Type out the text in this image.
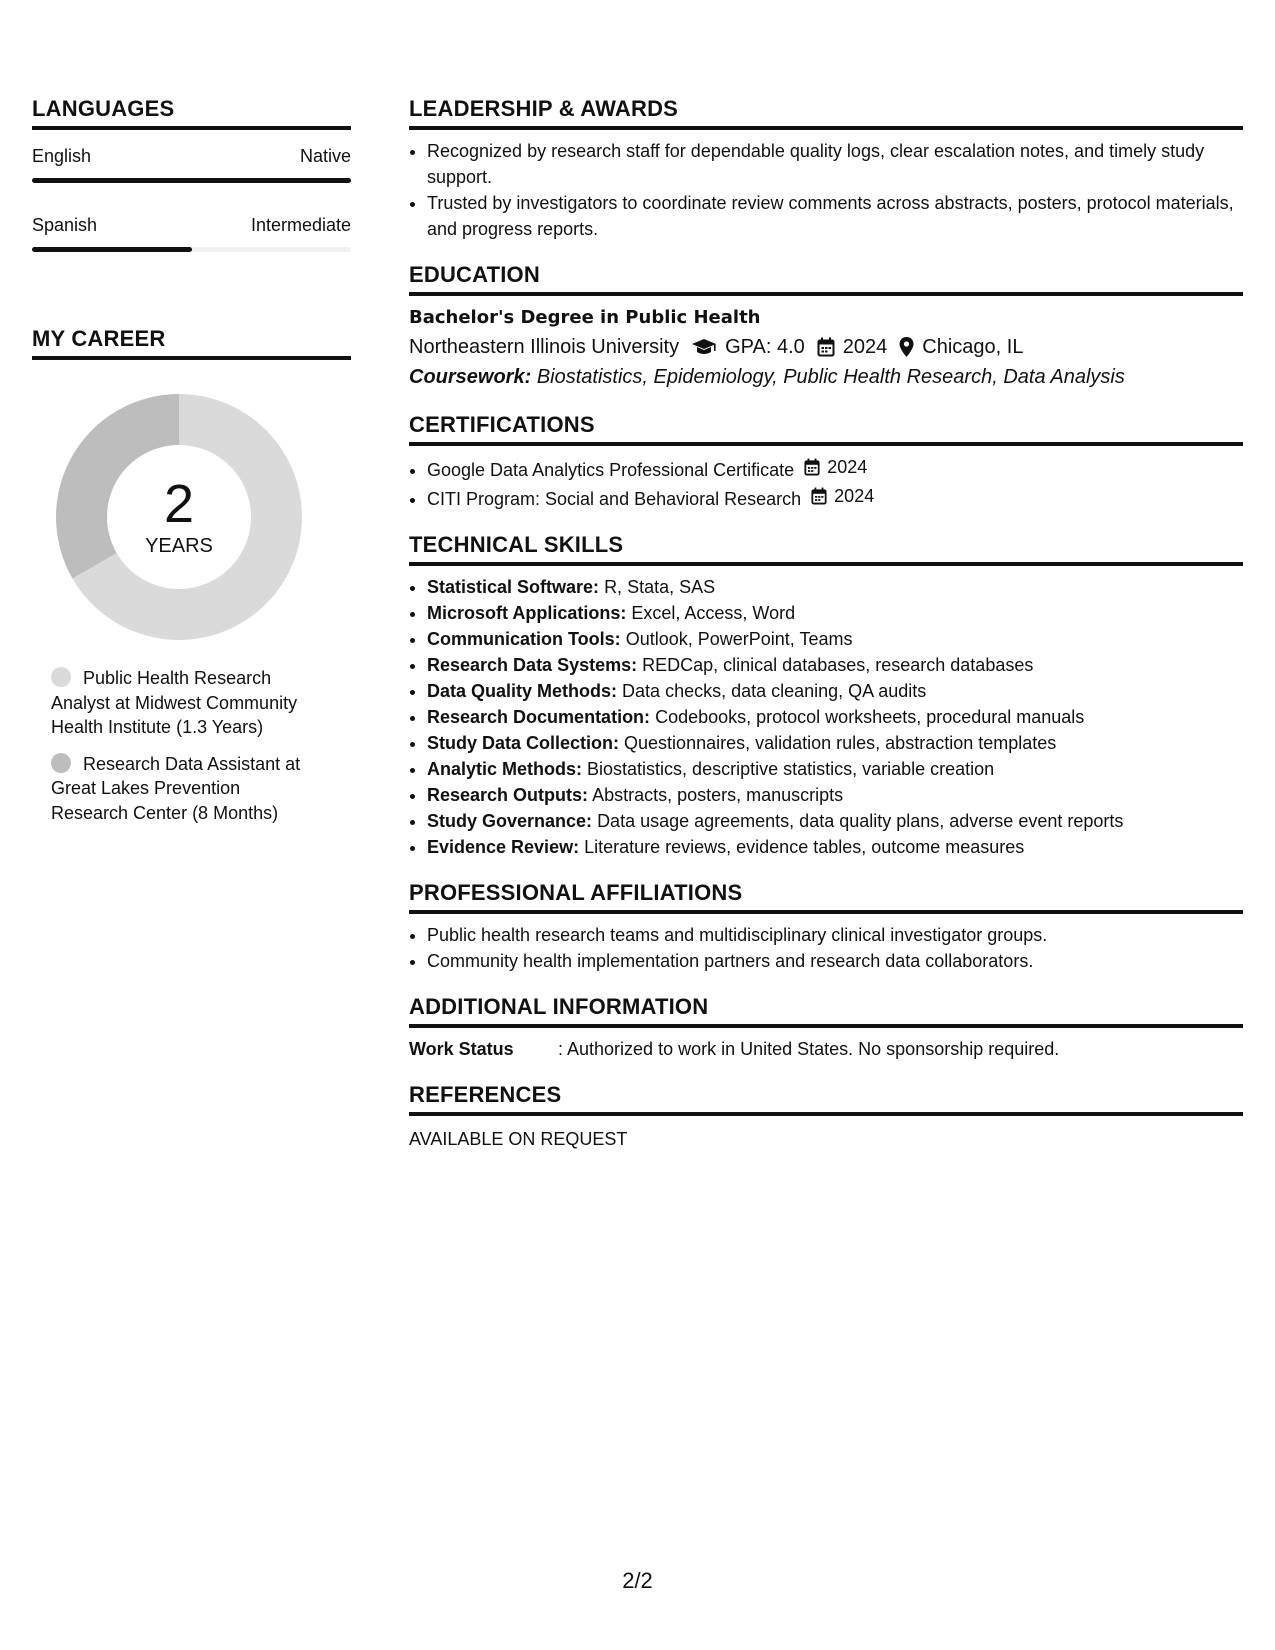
LANGUAGES
English	Native
Spanish	Intermediate
MY CAREER
2
YEARS
Public Health Research Analyst at Midwest Community Health Institute (1.3 Years)
Research Data Assistant at Great Lakes Prevention Research Center (8 Months)
LEADERSHIP & AWARDS
• Recognized by research staff for dependable quality logs, clear escalation notes, and timely study support.
• Trusted by investigators to coordinate review comments across abstracts, posters, protocol materials, and progress reports.
EDUCATION
Bachelor's Degree in Public Health
Northeastern Illinois University GPA: 4.0 2024 Chicago, IL
Coursework: Biostatistics, Epidemiology, Public Health Research, Data Analysis
CERTIFICATIONS
• Google Data Analytics Professional Certificate 2024
• CITI Program: Social and Behavioral Research 2024
TECHNICAL SKILLS
• Statistical Software: R, Stata, SAS
• Microsoft Applications: Excel, Access, Word
• Communication Tools: Outlook, PowerPoint, Teams
• Research Data Systems: REDCap, clinical databases, research databases
• Data Quality Methods: Data checks, data cleaning, QA audits
• Research Documentation: Codebooks, protocol worksheets, procedural manuals
• Study Data Collection: Questionnaires, validation rules, abstraction templates
• Analytic Methods: Biostatistics, descriptive statistics, variable creation
• Research Outputs: Abstracts, posters, manuscripts
• Study Governance: Data usage agreements, data quality plans, adverse event reports
• Evidence Review: Literature reviews, evidence tables, outcome measures
PROFESSIONAL AFFILIATIONS
• Public health research teams and multidisciplinary clinical investigator groups.
• Community health implementation partners and research data collaborators.
ADDITIONAL INFORMATION
Work Status	: Authorized to work in United States. No sponsorship required.
REFERENCES
AVAILABLE ON REQUEST
2/2
